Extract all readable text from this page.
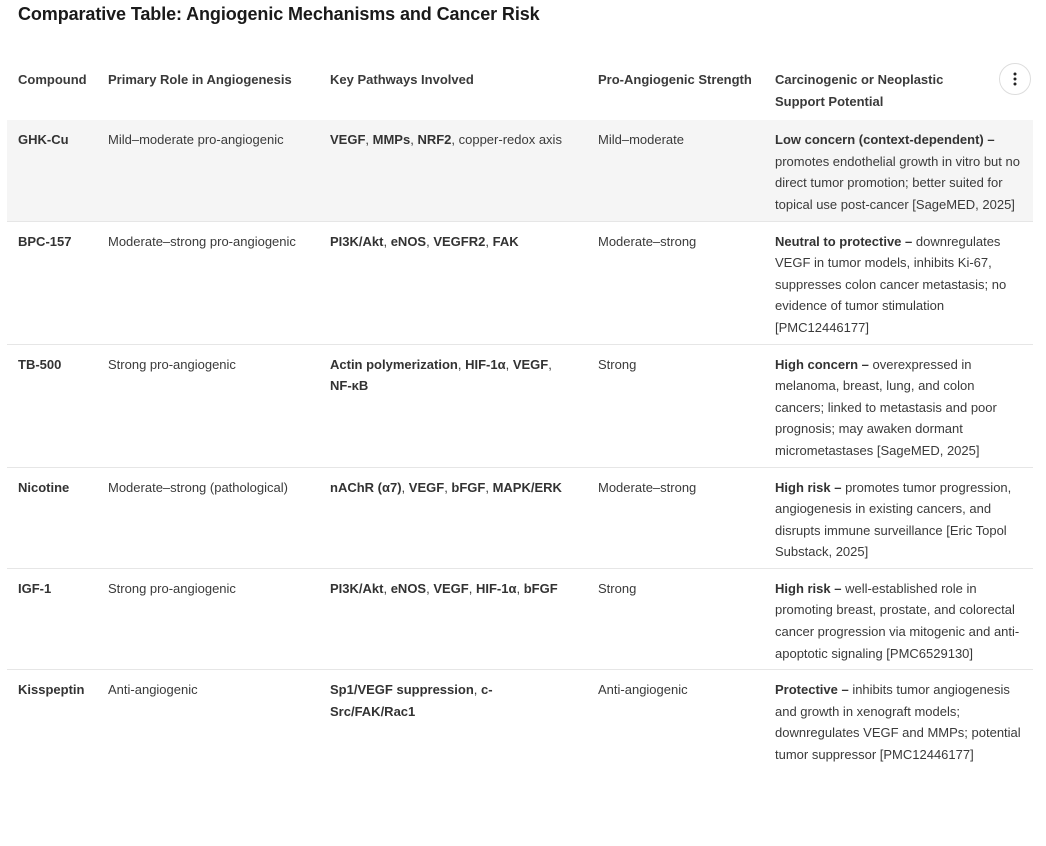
Comparative Table: Angiogenic Mechanisms and Cancer Risk
Compound	Primary Role in Angiogenesis	Key Pathways Involved	Pro-Angiogenic Strength	Carcinogenic or Neoplastic Support Potential
GHK-Cu	Mild–moderate pro-angiogenic	VEGF, MMPs, NRF2, copper-redox axis	Mild–moderate	Low concern (context-dependent) – promotes endothelial growth in vitro but no direct tumor promotion; better suited for topical use post-cancer [SageMED, 2025]
BPC-157	Moderate–strong pro-angiogenic	PI3K/Akt, eNOS, VEGFR2, FAK	Moderate–strong	Neutral to protective – downregulates VEGF in tumor models, inhibits Ki-67, suppresses colon cancer metastasis; no evidence of tumor stimulation [PMC12446177]
TB-500	Strong pro-angiogenic	Actin polymerization, HIF-1α, VEGF, NF-κB	Strong	High concern – overexpressed in melanoma, breast, lung, and colon cancers; linked to metastasis and poor prognosis; may awaken dormant micrometastases [SageMED, 2025]
Nicotine	Moderate–strong (pathological)	nAChR (α7), VEGF, bFGF, MAPK/ERK	Moderate–strong	High risk – promotes tumor progression, angiogenesis in existing cancers, and disrupts immune surveillance [Eric Topol Substack, 2025]
IGF-1	Strong pro-angiogenic	PI3K/Akt, eNOS, VEGF, HIF-1α, bFGF	Strong	High risk – well-established role in promoting breast, prostate, and colorectal cancer progression via mitogenic and anti-apoptotic signaling [PMC6529130]
Kisspeptin	Anti-angiogenic	Sp1/VEGF suppression, c-Src/FAK/Rac1	Anti-angiogenic	Protective – inhibits tumor angiogenesis and growth in xenograft models; downregulates VEGF and MMPs; potential tumor suppressor [PMC12446177]
